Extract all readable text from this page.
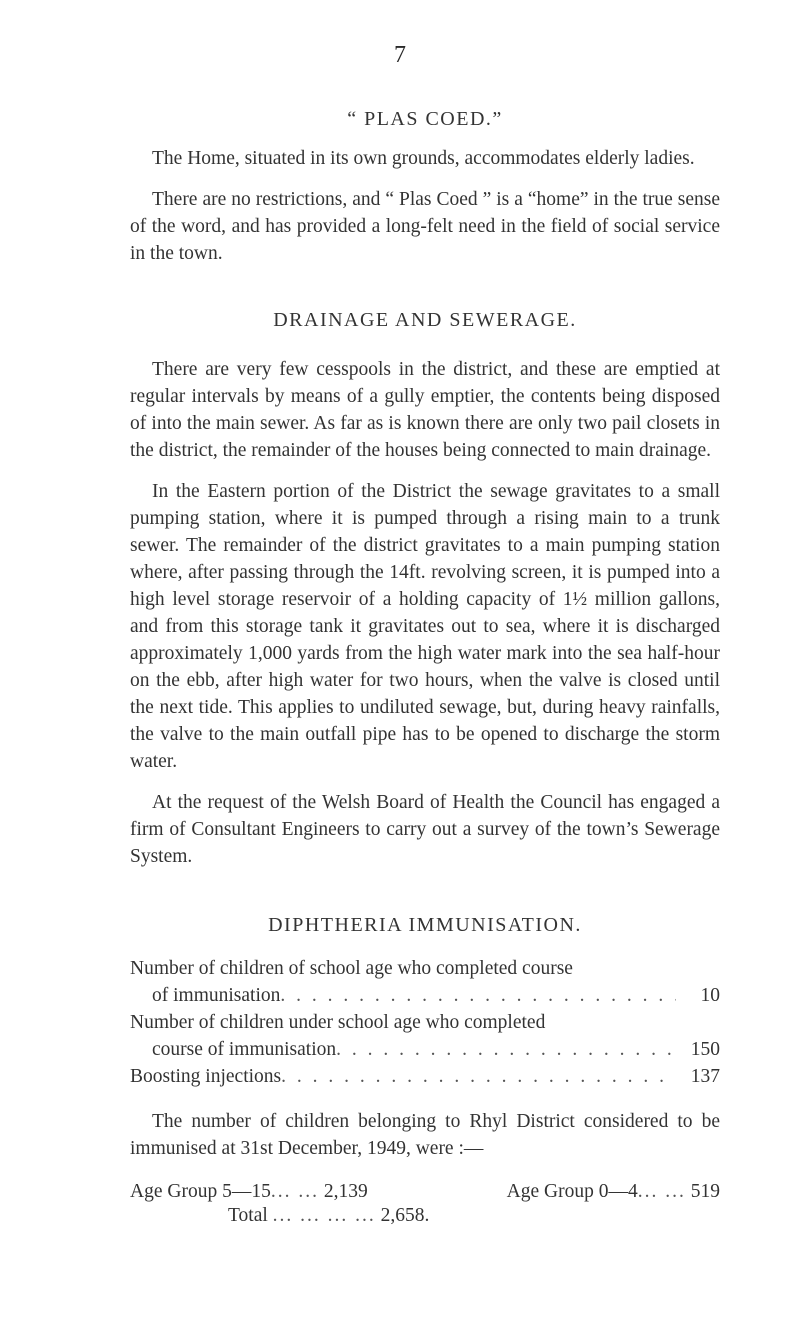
7
“ PLAS COED.”

The Home, situated in its own grounds, accommodates elderly ladies.

There are no restrictions, and “ Plas Coed ” is a “home” in the true sense of the word, and has provided a long-felt need in the field of social service in the town.

DRAINAGE AND SEWERAGE.

There are very few cesspools in the district, and these are emptied at regular intervals by means of a gully emptier, the contents being disposed of into the main sewer. As far as is known there are only two pail closets in the district, the remainder of the houses being connected to main drainage.

In the Eastern portion of the District the sewage gravitates to a small pumping station, where it is pumped through a rising main to a trunk sewer. The remainder of the district gravitates to a main pumping station where, after passing through the 14ft. revolving screen, it is pumped into a high level storage reservoir of a holding capacity of 1½ million gallons, and from this storage tank it gravitates out to sea, where it is discharged approximately 1,000 yards from the high water mark into the sea half-hour on the ebb, after high water for two hours, when the valve is closed until the next tide. This applies to undiluted sewage, but, during heavy rainfalls, the valve to the main outfall pipe has to be opened to discharge the storm water.

At the request of the Welsh Board of Health the Council has engaged a firm of Consultant Engineers to carry out a survey of the town’s Sewerage System.

DIPHTHERIA IMMUNISATION.
Number of children of school age who completed course
of immunisation . . .	10
Number of children under school age who completed
course of immunisation . . .	150
Boosting injections . . .	137

The number of children belonging to Rhyl District considered to be immunised at 31st December, 1949, were :—

Age Group 5—15... ... 2,139	Age Group 0—4... ... 519
Total ... ... ... ... 2,658.
